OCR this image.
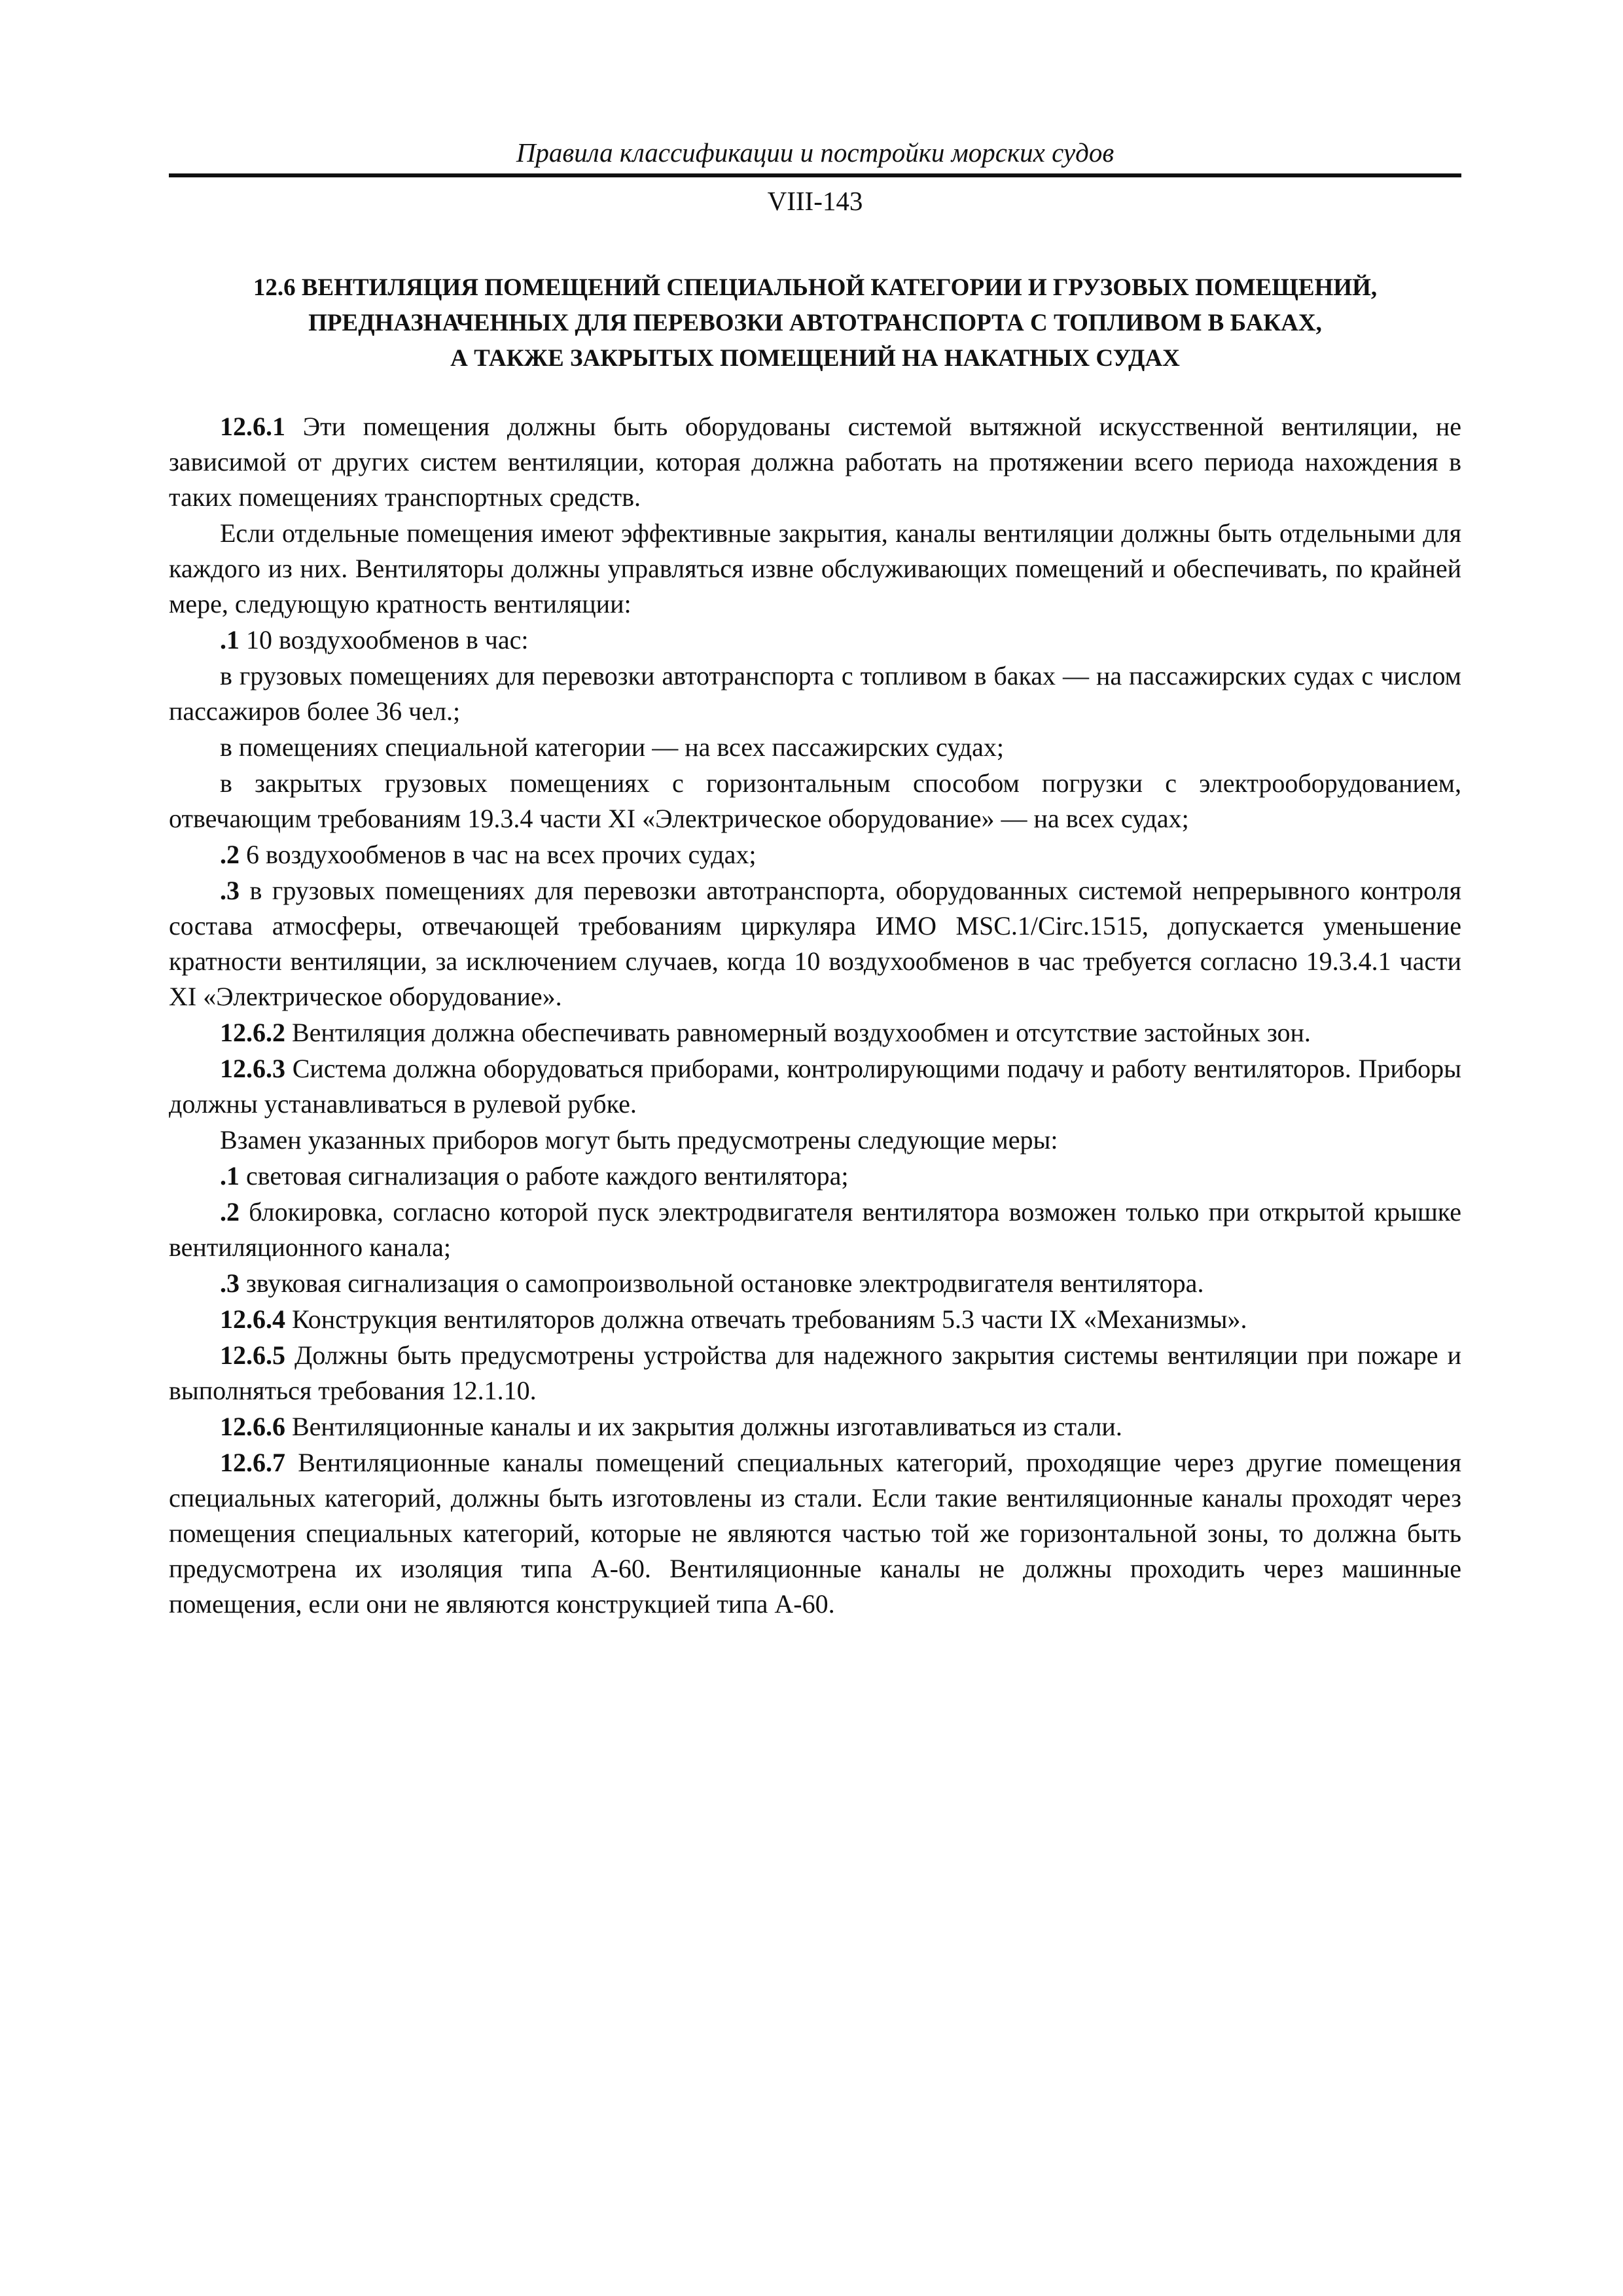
Правила классификации и постройки морских судов
VIII-143
12.6 ВЕНТИЛЯЦИЯ ПОМЕЩЕНИЙ СПЕЦИАЛЬНОЙ КАТЕГОРИИ И ГРУЗОВЫХ ПОМЕЩЕНИЙ,
ПРЕДНАЗНАЧЕННЫХ ДЛЯ ПЕРЕВОЗКИ АВТОТРАНСПОРТА С ТОПЛИВОМ В БАКАХ,
А ТАКЖЕ ЗАКРЫТЫХ ПОМЕЩЕНИЙ НА НАКАТНЫХ СУДАХ

12.6.1 Эти помещения должны быть оборудованы системой вытяжной искусственной вентиляции, не зависимой от других систем вентиляции, которая должна работать на протяжении всего периода нахождения в таких помещениях транспортных средств.

Если отдельные помещения имеют эффективные закрытия, каналы вентиляции должны быть отдельными для каждого из них. Вентиляторы должны управляться извне обслуживающих помещений и обеспечивать, по крайней мере, следующую кратность вентиляции:

.1 10 воздухообменов в час:

в грузовых помещениях для перевозки автотранспорта с топливом в баках — на пассажирских судах с числом пассажиров более 36 чел.;

в помещениях специальной категории — на всех пассажирских судах;

в закрытых грузовых помещениях с горизонтальным способом погрузки с электрооборудованием, отвечающим требованиям 19.3.4 части XI «Электрическое оборудование» — на всех судах;

.2 6 воздухообменов в час на всех прочих судах;

.3 в грузовых помещениях для перевозки автотранспорта, оборудованных системой непрерывного контроля состава атмосферы, отвечающей требованиям циркуляра ИМО MSC.1/Circ.1515, допускается уменьшение кратности вентиляции, за исключением случаев, когда 10 воздухообменов в час требуется согласно 19.3.4.1 части XI «Электрическое оборудование».

12.6.2 Вентиляция должна обеспечивать равномерный воздухообмен и отсутствие застойных зон.

12.6.3 Система должна оборудоваться приборами, контролирующими подачу и работу вентиляторов. Приборы должны устанавливаться в рулевой рубке.

Взамен указанных приборов могут быть предусмотрены следующие меры:

.1 световая сигнализация о работе каждого вентилятора;

.2 блокировка, согласно которой пуск электродвигателя вентилятора возможен только при открытой крышке вентиляционного канала;

.3 звуковая сигнализация о самопроизвольной остановке электродвигателя вентилятора.

12.6.4 Конструкция вентиляторов должна отвечать требованиям 5.3 части IX «Механизмы».

12.6.5 Должны быть предусмотрены устройства для надежного закрытия системы вентиляции при пожаре и выполняться требования 12.1.10.

12.6.6 Вентиляционные каналы и их закрытия должны изготавливаться из стали.

12.6.7 Вентиляционные каналы помещений специальных категорий, проходящие через другие помещения специальных категорий, должны быть изготовлены из стали. Если такие вентиляционные каналы проходят через помещения специальных категорий, которые не являются частью той же горизонтальной зоны, то должна быть предусмотрена их изоляция типа А-60. Вентиляционные каналы не должны проходить через машинные помещения, если они не являются конструкцией типа А-60.
